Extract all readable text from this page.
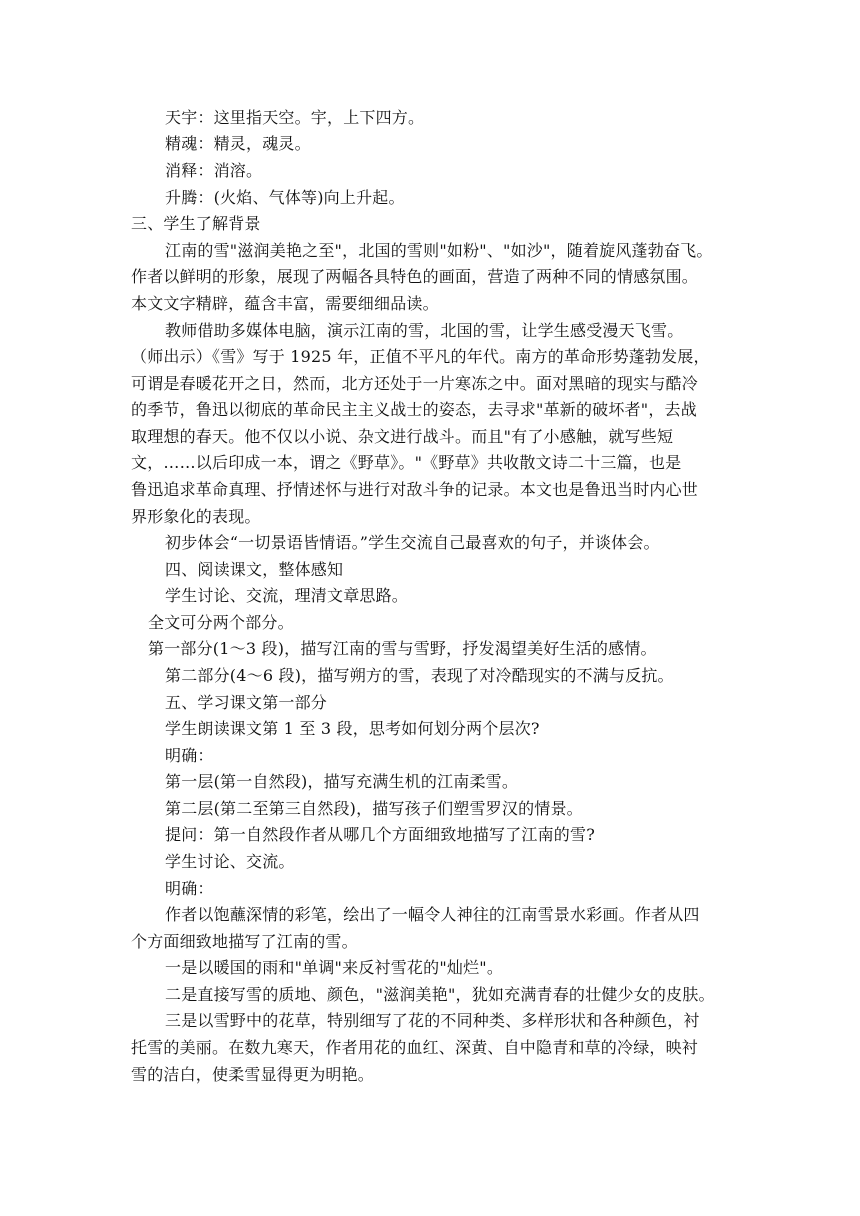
天宇：这里指天空。宇，上下四方。
精魂：精灵，魂灵。
消释：消溶。
升腾：(火焰、气体等)向上升起。
三、学生了解背景
江南的雪"滋润美艳之至"，北国的雪则"如粉"、"如沙"，随着旋风蓬勃奋飞。
作者以鲜明的形象，展现了两幅各具特色的画面，营造了两种不同的情感氛围。
本文文字精辟，蕴含丰富，需要细细品读。
教师借助多媒体电脑，演示江南的雪，北国的雪，让学生感受漫天飞雪。
（师出示）《雪》写于 1925 年，正值不平凡的年代。南方的革命形势蓬勃发展，
可谓是春暖花开之日，然而，北方还处于一片寒冻之中。面对黑暗的现实与酷冷
的季节，鲁迅以彻底的革命民主主义战士的姿态，去寻求"革新的破坏者"，去战
取理想的春天。他不仅以小说、杂文进行战斗。而且"有了小感触，就写些短
文，……以后印成一本，谓之《野草》。"《野草》共收散文诗二十三篇，也是
鲁迅追求革命真理、抒情述怀与进行对敌斗争的记录。本文也是鲁迅当时内心世
界形象化的表现。
初步体会“一切景语皆情语。”学生交流自己最喜欢的句子，并谈体会。
四、阅读课文，整体感知
学生讨论、交流，理清文章思路。
全文可分两个部分。
第一部分(1～3 段)，描写江南的雪与雪野，抒发渴望美好生活的感情。
第二部分(4～6 段)，描写朔方的雪，表现了对冷酷现实的不满与反抗。
五、学习课文第一部分
学生朗读课文第 1 至 3 段，思考如何划分两个层次?
明确：
第一层(第一自然段)，描写充满生机的江南柔雪。
第二层(第二至第三自然段)，描写孩子们塑雪罗汉的情景。
提问：第一自然段作者从哪几个方面细致地描写了江南的雪?
学生讨论、交流。
明确：
作者以饱蘸深情的彩笔，绘出了一幅令人神往的江南雪景水彩画。作者从四
个方面细致地描写了江南的雪。
一是以暖国的雨和"单调"来反衬雪花的"灿烂"。
二是直接写雪的质地、颜色，"滋润美艳"，犹如充满青春的壮健少女的皮肤。
三是以雪野中的花草，特别细写了花的不同种类、多样形状和各种颜色，衬
托雪的美丽。在数九寒天，作者用花的血红、深黄、自中隐青和草的冷绿，映衬
雪的洁白，使柔雪显得更为明艳。
